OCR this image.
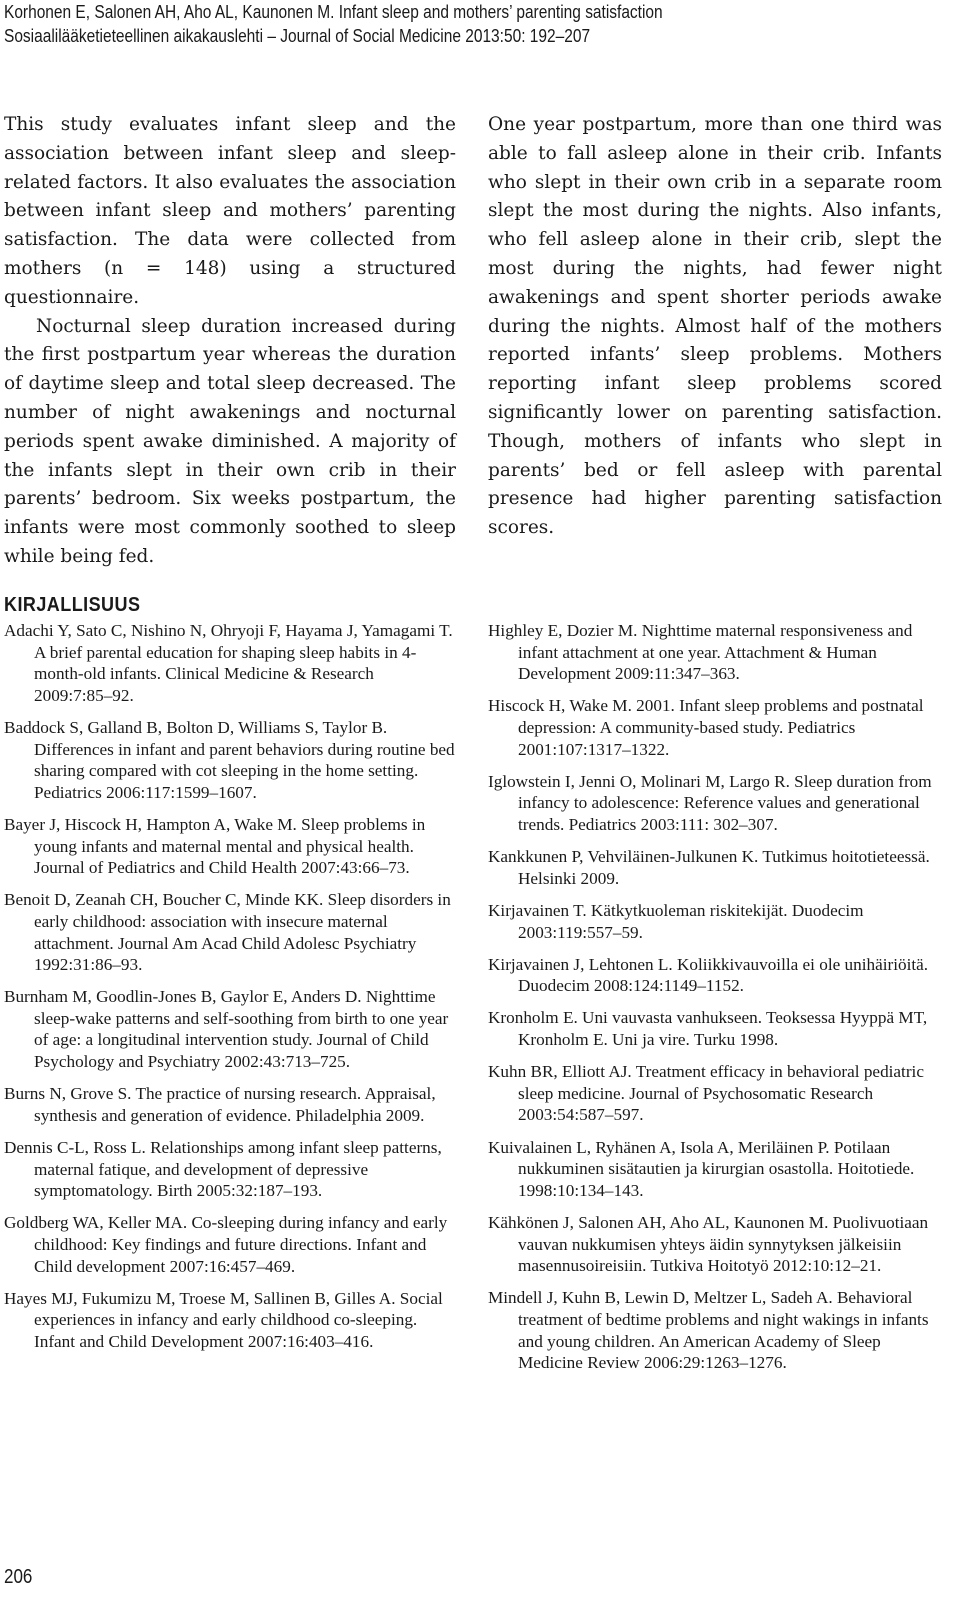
Korhonen E, Salonen AH, Aho AL, Kaunonen M. Infant sleep and mothers’ parenting satisfaction
Sosiaalilääketieteellinen aikakauslehti – Journal of Social Medicine 2013:50: 192–207

This study evaluates infant sleep and the association between infant sleep and sleep-related factors. It also evaluates the association between infant sleep and mothers’ parenting satisfaction. The data were collected from mothers (n = 148) using a structured questionnaire.

Nocturnal sleep duration increased during the first postpartum year whereas the duration of daytime sleep and total sleep decreased. The number of night awakenings and nocturnal periods spent awake diminished. A majority of the infants slept in their own crib in their parents’ bedroom. Six weeks postpartum, the infants were most commonly soothed to sleep while being fed.

One year postpartum, more than one third was able to fall asleep alone in their crib. Infants who slept in their own crib in a separate room slept the most during the nights. Also infants, who fell asleep alone in their crib, slept the most during the nights, had fewer night awakenings and spent shorter periods awake during the nights. Almost half of the mothers reported infants’ sleep problems. Mothers reporting infant sleep problems scored significantly lower on parenting satisfaction. Though, mothers of infants who slept in parents’ bed or fell asleep with parental presence had higher parenting satisfaction scores.

KIRJALLISUUS
Adachi Y, Sato C, Nishino N, Ohryoji F, Hayama J, Yamagami T. A brief parental education for shaping sleep habits in 4-month-old infants. Clinical Medicine & Research 2009:7:85–92.
Baddock S, Galland B, Bolton D, Williams S, Taylor B. Differences in infant and parent behaviors during routine bed sharing compared with cot sleeping in the home setting. Pediatrics 2006:117:1599–1607.
Bayer J, Hiscock H, Hampton A, Wake M. Sleep problems in young infants and maternal mental and physical health. Journal of Pediatrics and Child Health 2007:43:66–73.
Benoit D, Zeanah CH, Boucher C, Minde KK. Sleep disorders in early childhood: association with insecure maternal attachment. Journal Am Acad Child Adolesc Psychiatry 1992:31:86–93.
Burnham M, Goodlin-Jones B, Gaylor E, Anders D. Nighttime sleep-wake patterns and self-soothing from birth to one year of age: a longitudinal intervention study. Journal of Child Psychology and Psychiatry 2002:43:713–725.
Burns N, Grove S. The practice of nursing research. Appraisal, synthesis and generation of evidence. Philadelphia 2009.
Dennis C-L, Ross L. Relationships among infant sleep patterns, maternal fatique, and development of depressive symptomatology. Birth 2005:32:187–193.
Goldberg WA, Keller MA. Co-sleeping during infancy and early childhood: Key findings and future directions. Infant and Child development 2007:16:457–469.
Hayes MJ, Fukumizu M, Troese M, Sallinen B, Gilles A. Social experiences in infancy and early childhood co-sleeping. Infant and Child Development 2007:16:403–416.
Highley E, Dozier M. Nighttime maternal responsiveness and infant attachment at one year. Attachment & Human Development 2009:11:347–363.
Hiscock H, Wake M. 2001. Infant sleep problems and postnatal depression: A community-based study. Pediatrics 2001:107:1317–1322.
Iglowstein I, Jenni O, Molinari M, Largo R. Sleep duration from infancy to adolescence: Reference values and generational trends. Pediatrics 2003:111: 302–307.
Kankkunen P, Vehviläinen-Julkunen K. Tutkimus hoitotieteessä. Helsinki 2009.
Kirjavainen T. Kätkytkuoleman riskitekijät. Duodecim 2003:119:557–59.
Kirjavainen J, Lehtonen L. Koliikkivauvoilla ei ole unihäiriöitä. Duodecim 2008:124:1149–1152.
Kronholm E. Uni vauvasta vanhukseen. Teoksessa Hyyppä MT, Kronholm E. Uni ja vire. Turku 1998.
Kuhn BR, Elliott AJ. Treatment efficacy in behavioral pediatric sleep medicine. Journal of Psychosomatic Research 2003:54:587–597.
Kuivalainen L, Ryhänen A, Isola A, Meriläinen P. Potilaan nukkuminen sisätautien ja kirurgian osastolla. Hoitotiede. 1998:10:134–143.
Kähkönen J, Salonen AH, Aho AL, Kaunonen M. Puolivuotiaan vauvan nukkumisen yhteys äidin synnytyksen jälkeisiin masennusoireisiin. Tutkiva Hoitotyö 2012:10:12–21.
Mindell J, Kuhn B, Lewin D, Meltzer L, Sadeh A. Behavioral treatment of bedtime problems and night wakings in infants and young children. An American Academy of Sleep Medicine Review 2006:29:1263–1276.
206
